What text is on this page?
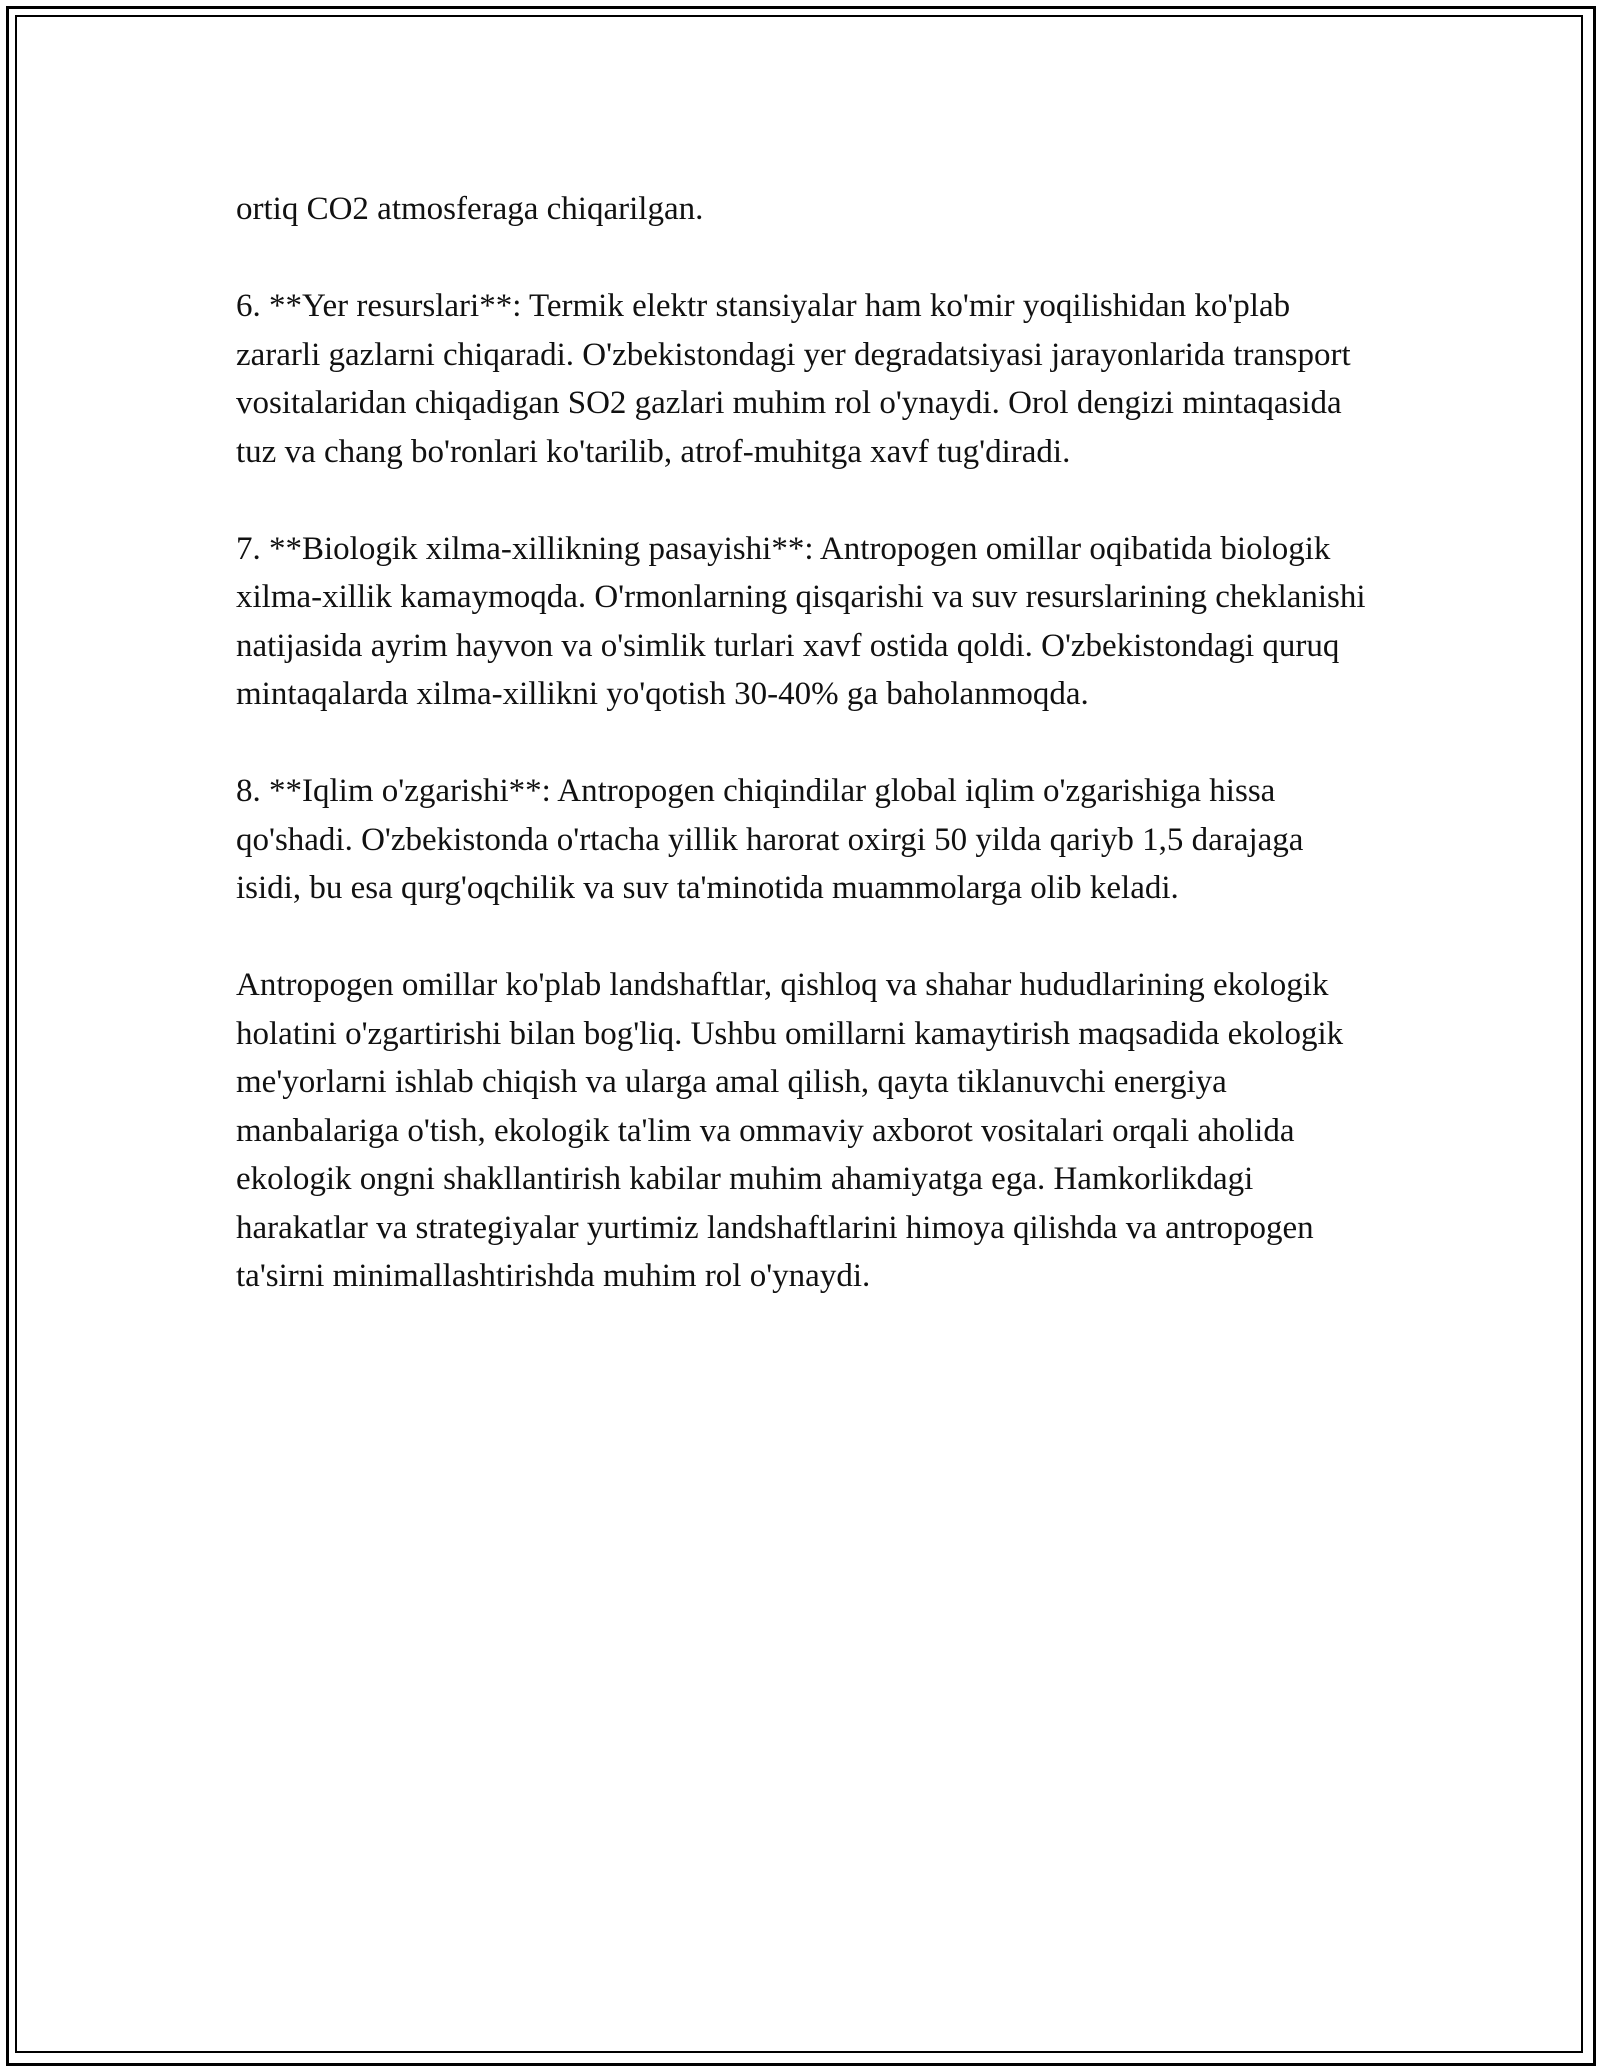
ortiq CO2 atmosferaga chiqarilgan.

6. **Yer resurslari**: Termik elektr stansiyalar ham ko'mir yoqilishidan ko'plab zararli gazlarni chiqaradi. O'zbekistondagi yer degradatsiyasi jarayonlarida transport vositalaridan chiqadigan SO2 gazlari muhim rol o'ynaydi. Orol dengizi mintaqasida tuz va chang bo'ronlari ko'tarilib, atrof-muhitga xavf tug'diradi.

7. **Biologik xilma-xillikning pasayishi**: Antropogen omillar oqibatida biologik xilma-xillik kamaymoqda. O'rmonlarning qisqarishi va suv resurslarining cheklanishi natijasida ayrim hayvon va o'simlik turlari xavf ostida qoldi. O'zbekistondagi quruq mintaqalarda xilma-xillikni yo'qotish 30-40% ga baholanmoqda.

8. **Iqlim o'zgarishi**: Antropogen chiqindilar global iqlim o'zgarishiga hissa qo'shadi. O'zbekistonda o'rtacha yillik harorat oxirgi 50 yilda qariyb 1,5 darajaga isidi, bu esa qurg'oqchilik va suv ta'minotida muammolarga olib keladi.

Antropogen omillar ko'plab landshaftlar, qishloq va shahar hududlarining ekologik holatini o'zgartirishi bilan bog'liq. Ushbu omillarni kamaytirish maqsadida ekologik me'yorlarni ishlab chiqish va ularga amal qilish, qayta tiklanuvchi energiya manbalariga o'tish, ekologik ta'lim va ommaviy axborot vositalari orqali aholida ekologik ongni shakllantirish kabilar muhim ahamiyatga ega. Hamkorlikdagi harakatlar va strategiyalar yurtimiz landshaftlarini himoya qilishda va antropogen ta'sirni minimallashtirishda muhim rol o'ynaydi.
